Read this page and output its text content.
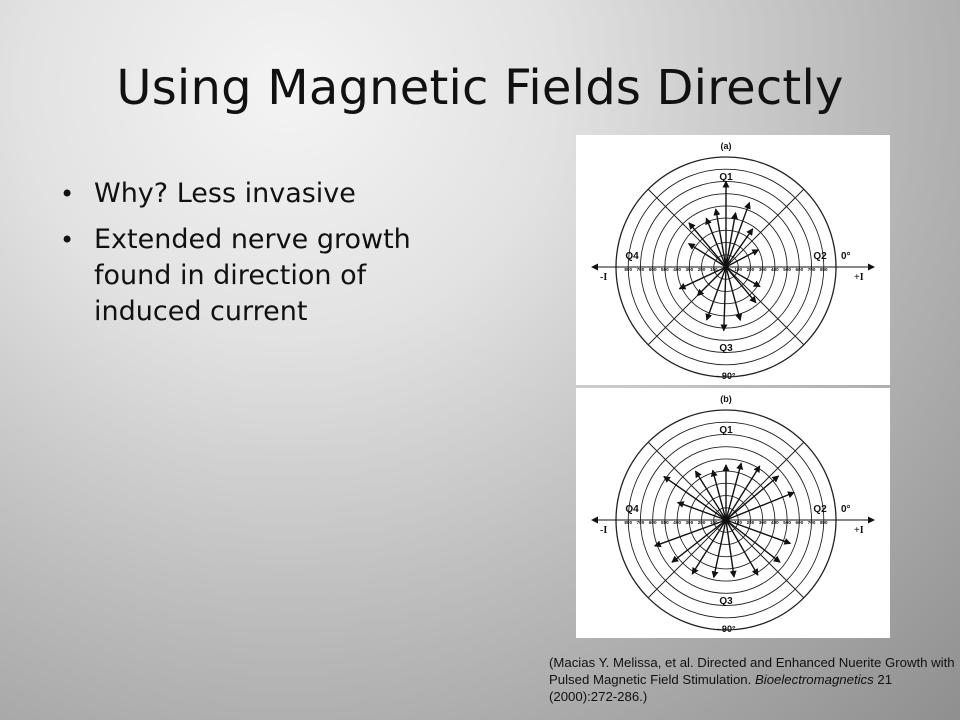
Using Magnetic Fields Directly
• Why? Less invasive
• Extended nerve growth found in direction of induced current
800 700 600 500 400 300 200 100	100 200 300 400 500 600 700 800
(a)
Q1
Q2
Q3
Q4	0°
- 90°
-I	+I
800 700 600 500 400 300 200 100	100 200 300 400 500 600 700 800
(b)
Q1
Q2
Q3
Q4	0°
- 90°
-I	+I
(Macias Y. Melissa, et al. Directed and Enhanced Nuerite Growth with Pulsed Magnetic Field Stimulation. Bioelectromagnetics 21 (2000):272-286.)
